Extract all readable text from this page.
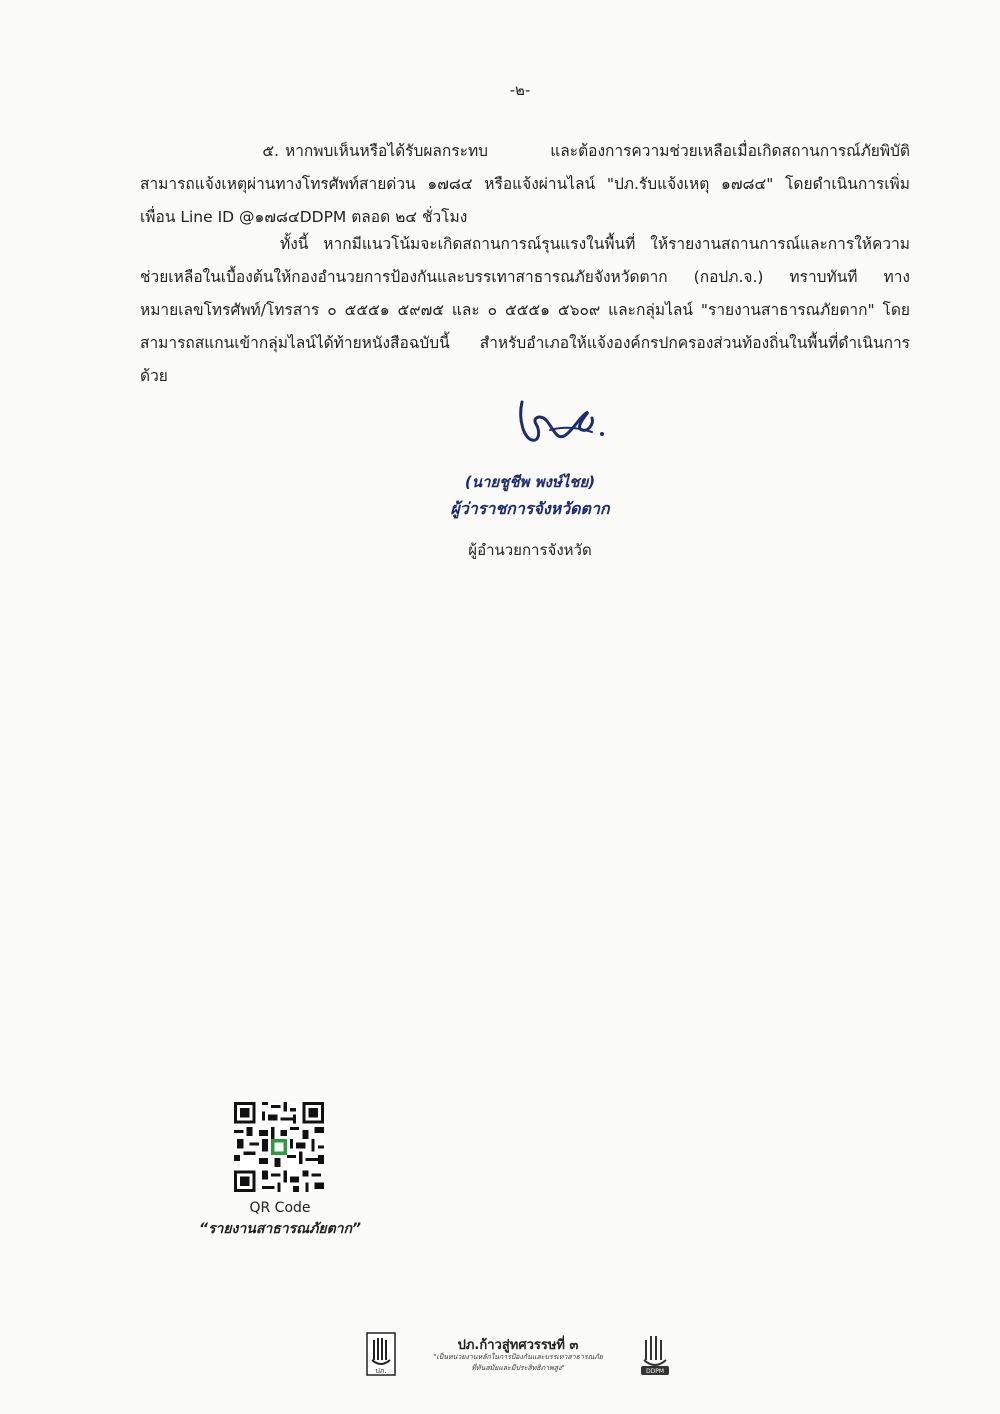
-๒-

๕. หากพบเห็นหรือได้รับผลกระทบ และต้องการความช่วยเหลือเมื่อเกิดสถานการณ์ภัยพิบัติ สามารถแจ้งเหตุผ่านทางโทรศัพท์สายด่วน ๑๗๘๔ หรือแจ้งผ่านไลน์ "ปภ.รับแจ้งเหตุ ๑๗๘๔" โดยดำเนินการเพิ่มเพื่อน Line ID @๑๗๘๔DDPM ตลอด ๒๔ ชั่วโมง

ทั้งนี้ หากมีแนวโน้มจะเกิดสถานการณ์รุนแรงในพื้นที่ ให้รายงานสถานการณ์และการให้ความช่วยเหลือในเบื้องต้นให้กองอำนวยการป้องกันและบรรเทาสาธารณภัยจังหวัดตาก (กอปภ.จ.) ทราบทันที ทางหมายเลขโทรศัพท์/โทรสาร ๐ ๕๕๕๑ ๕๙๗๕ และ ๐ ๕๕๕๑ ๕๖๐๙ และกลุ่มไลน์ "รายงานสาธารณภัยตาก" โดยสามารถสแกนเข้ากลุ่มไลน์ได้ท้ายหนังสือฉบับนี้ สำหรับอำเภอให้แจ้งองค์กรปกครองส่วนท้องถิ่นในพื้นที่ดำเนินการด้วย

(นายชูชีพ พงษ์ไชย)
ผู้ว่าราชการจังหวัดตาก
ผู้อำนวยการจังหวัด
QR Code
“รายงานสาธารณภัยตาก”
ปภ.
ปภ.ก้าวสู่ทศวรรษที่ ๓
"เป็นหน่วยงานหลักในการป้องกันและบรรเทาสาธารณภัย
ที่ทันสมัยและมีประสิทธิภาพสูง"	DDPM
